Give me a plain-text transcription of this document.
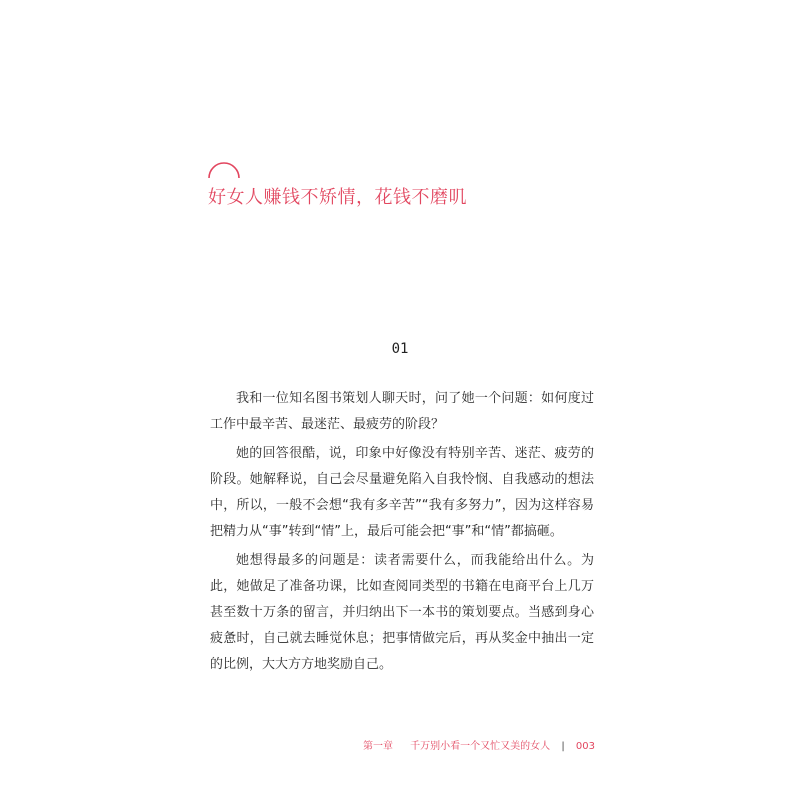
好女人赚钱不矫情，花钱不磨叽
01

我和一位知名图书策划人聊天时，问了她一个问题：如何度过工作中最辛苦、最迷茫、最疲劳的阶段？

她的回答很酷，说，印象中好像没有特别辛苦、迷茫、疲劳的阶段。她解释说，自己会尽量避免陷入自我怜悯、自我感动的想法中，所以，一般不会想“我有多辛苦”“我有多努力”，因为这样容易把精力从“事”转到“情”上，最后可能会把“事”和“情”都搞砸。

她想得最多的问题是：读者需要什么，而我能给出什么。为此，她做足了准备功课，比如查阅同类型的书籍在电商平台上几万甚至数十万条的留言，并归纳出下一本书的策划要点。当感到身心疲惫时，自己就去睡觉休息；把事情做完后，再从奖金中抽出一定的比例，大大方方地奖励自己。

第一章 千万别小看一个又忙又美的女人 | 003
